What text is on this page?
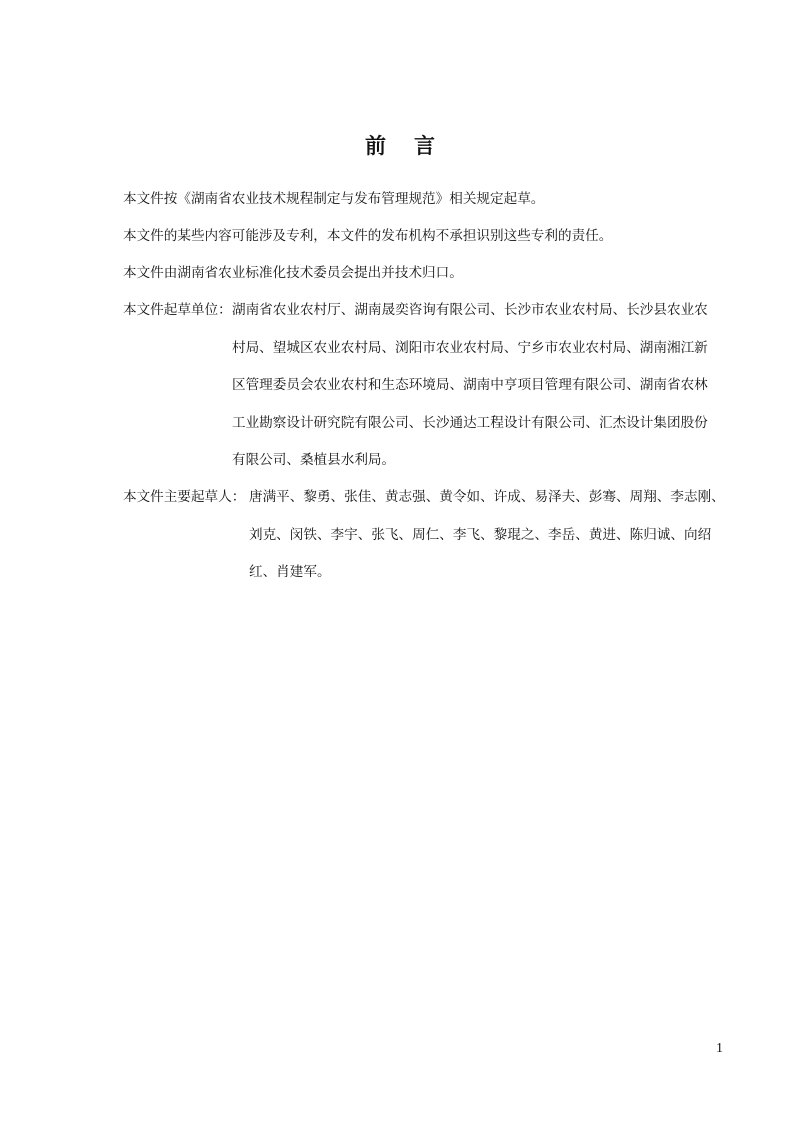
前 言
本文件按《湖南省农业技术规程制定与发布管理规范》相关规定起草。
本文件的某些内容可能涉及专利，本文件的发布机构不承担识别这些专利的责任。
本文件由湖南省农业标准化技术委员会提出并技术归口。
本文件起草单位： 湖南省农业农村厅、湖南晟奕咨询有限公司、长沙市农业农村局、长沙县农业农
村局、望城区农业农村局、浏阳市农业农村局、宁乡市农业农村局、湖南湘江新
区管理委员会农业农村和生态环境局、湖南中亨项目管理有限公司、湖南省农林
工业勘察设计研究院有限公司、长沙通达工程设计有限公司、汇杰设计集团股份
有限公司、桑植县水利局。
本文件主要起草人： 唐满平、黎勇、张佳、黄志强、黄令如、许成、易泽夫、彭骞、周翔、李志刚、
刘克、闵铁、李宇、张飞、周仁、李飞、黎琨之、李岳、黄进、陈归诚、向绍
红、肖建军。
1
